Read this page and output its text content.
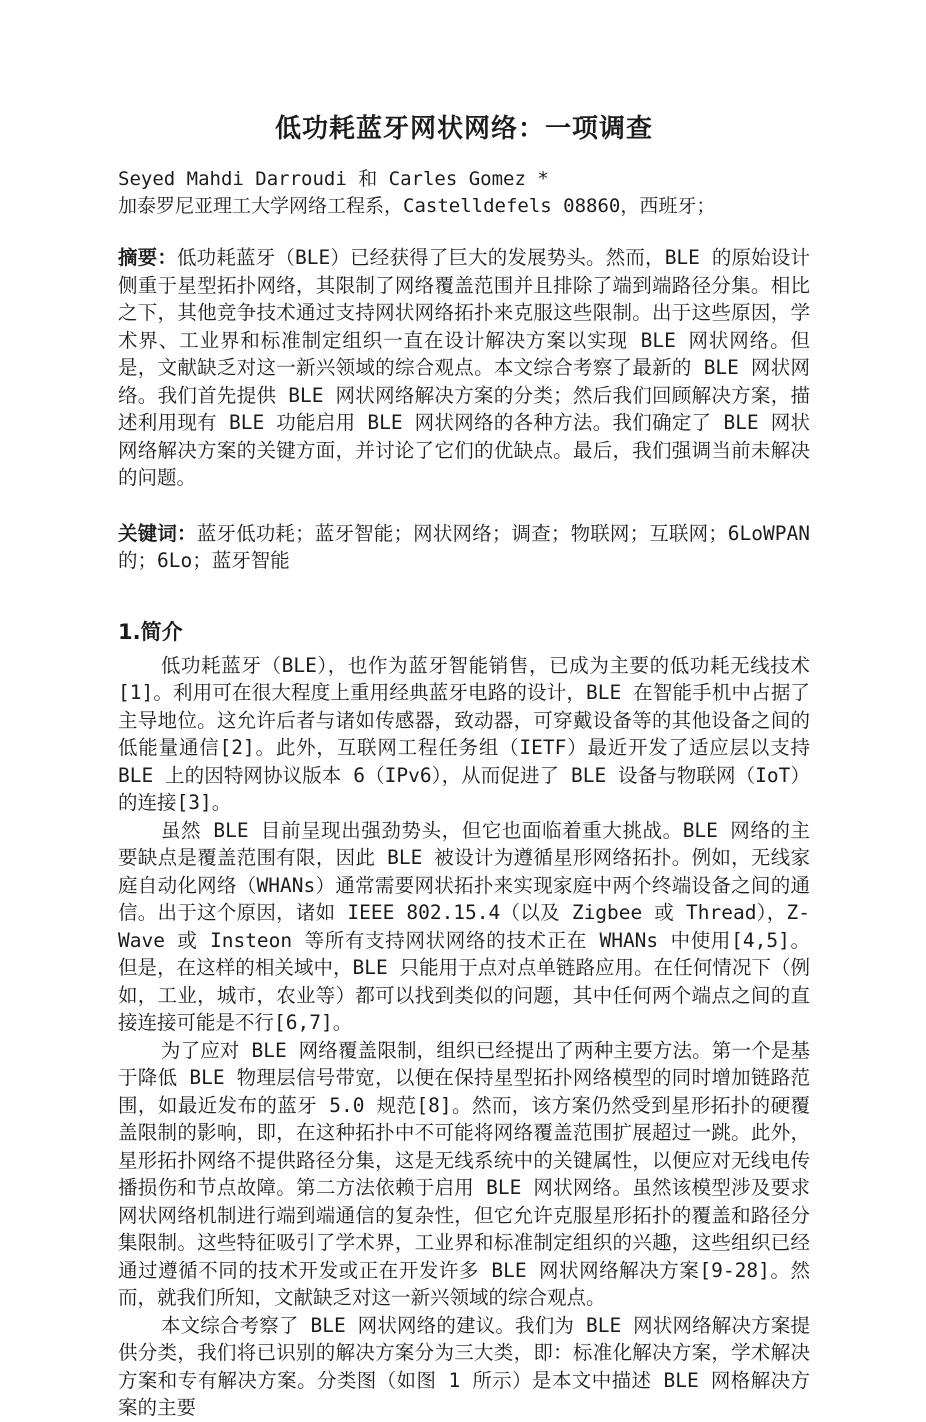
低功耗蓝牙网状网络：一项调查

Seyed Mahdi Darroudi 和 Carles Gomez *

加泰罗尼亚理工大学网络工程系，Castelldefels 08860，西班牙；

摘要：低功耗蓝牙（BLE）已经获得了巨大的发展势头。然而，BLE 的原始设计侧重于星型拓扑网络，其限制了网络覆盖范围并且排除了端到端路径分集。相比之下，其他竞争技术通过支持网状网络拓扑来克服这些限制。出于这些原因，学术界、工业界和标准制定组织一直在设计解决方案以实现 BLE 网状网络。但是，文献缺乏对这一新兴领域的综合观点。本文综合考察了最新的 BLE 网状网络。我们首先提供 BLE 网状网络解决方案的分类；然后我们回顾解决方案，描述利用现有 BLE 功能启用 BLE 网状网络的各种方法。我们确定了 BLE 网状网络解决方案的关键方面，并讨论了它们的优缺点。最后，我们强调当前未解决的问题。

关键词：蓝牙低功耗；蓝牙智能；网状网络；调查；物联网；互联网；6LoWPAN 的；6Lo；蓝牙智能

1.简介

低功耗蓝牙（BLE），也作为蓝牙智能销售，已成为主要的低功耗无线技术[1]。利用可在很大程度上重用经典蓝牙电路的设计，BLE 在智能手机中占据了主导地位。这允许后者与诸如传感器，致动器，可穿戴设备等的其他设备之间的低能量通信[2]。此外，互联网工程任务组（IETF）最近开发了适应层以支持 BLE 上的因特网协议版本 6（IPv6），从而促进了 BLE 设备与物联网（IoT）的连接[3]。

虽然 BLE 目前呈现出强劲势头，但它也面临着重大挑战。BLE 网络的主要缺点是覆盖范围有限，因此 BLE 被设计为遵循星形网络拓扑。例如，无线家庭自动化网络（WHANs）通常需要网状拓扑来实现家庭中两个终端设备之间的通信。出于这个原因，诸如 IEEE 802.15.4（以及 Zigbee 或 Thread），Z-Wave 或 Insteon 等所有支持网状网络的技术正在 WHANs 中使用[4,5]。但是，在这样的相关域中，BLE 只能用于点对点单链路应用。在任何情况下（例如，工业，城市，农业等）都可以找到类似的问题，其中任何两个端点之间的直接连接可能是不行[6,7]。

为了应对 BLE 网络覆盖限制，组织已经提出了两种主要方法。第一个是基于降低 BLE 物理层信号带宽，以便在保持星型拓扑网络模型的同时增加链路范围，如最近发布的蓝牙 5.0 规范[8]。然而，该方案仍然受到星形拓扑的硬覆盖限制的影响，即，在这种拓扑中不可能将网络覆盖范围扩展超过一跳。此外，星形拓扑网络不提供路径分集，这是无线系统中的关键属性，以便应对无线电传播损伤和节点故障。第二方法依赖于启用 BLE 网状网络。虽然该模型涉及要求网状网络机制进行端到端通信的复杂性，但它允许克服星形拓扑的覆盖和路径分集限制。这些特征吸引了学术界，工业界和标准制定组织的兴趣，这些组织已经通过遵循不同的技术开发或正在开发许多 BLE 网状网络解决方案[9-28]。然而，就我们所知，文献缺乏对这一新兴领域的综合观点。

本文综合考察了 BLE 网状网络的建议。我们为 BLE 网状网络解决方案提供分类，我们将已识别的解决方案分为三大类，即：标准化解决方案，学术解决方案和专有解决方案。分类图（如图 1 所示）是本文中描述 BLE 网格解决方案的主要
